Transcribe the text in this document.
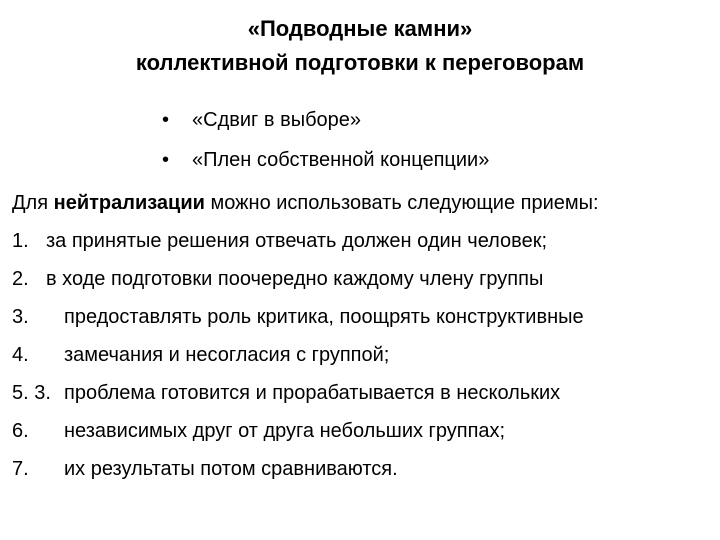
«Подводные камни»
коллективной подготовки к переговорам
•	«Сдвиг в выборе»
•	«Плен собственной концепции»
Для нейтрализации можно использовать следующие приемы:
1. за принятые решения отвечать должен один человек;
2. в ходе подготовки поочередно каждому члену группы
3. предоставлять роль критика, поощрять конструктивные
4. замечания и несогласия с группой;
5. 3. проблема готовится и прорабатывается в нескольких
6. независимых друг от друга небольших группах;
7. их результаты потом сравниваются.
